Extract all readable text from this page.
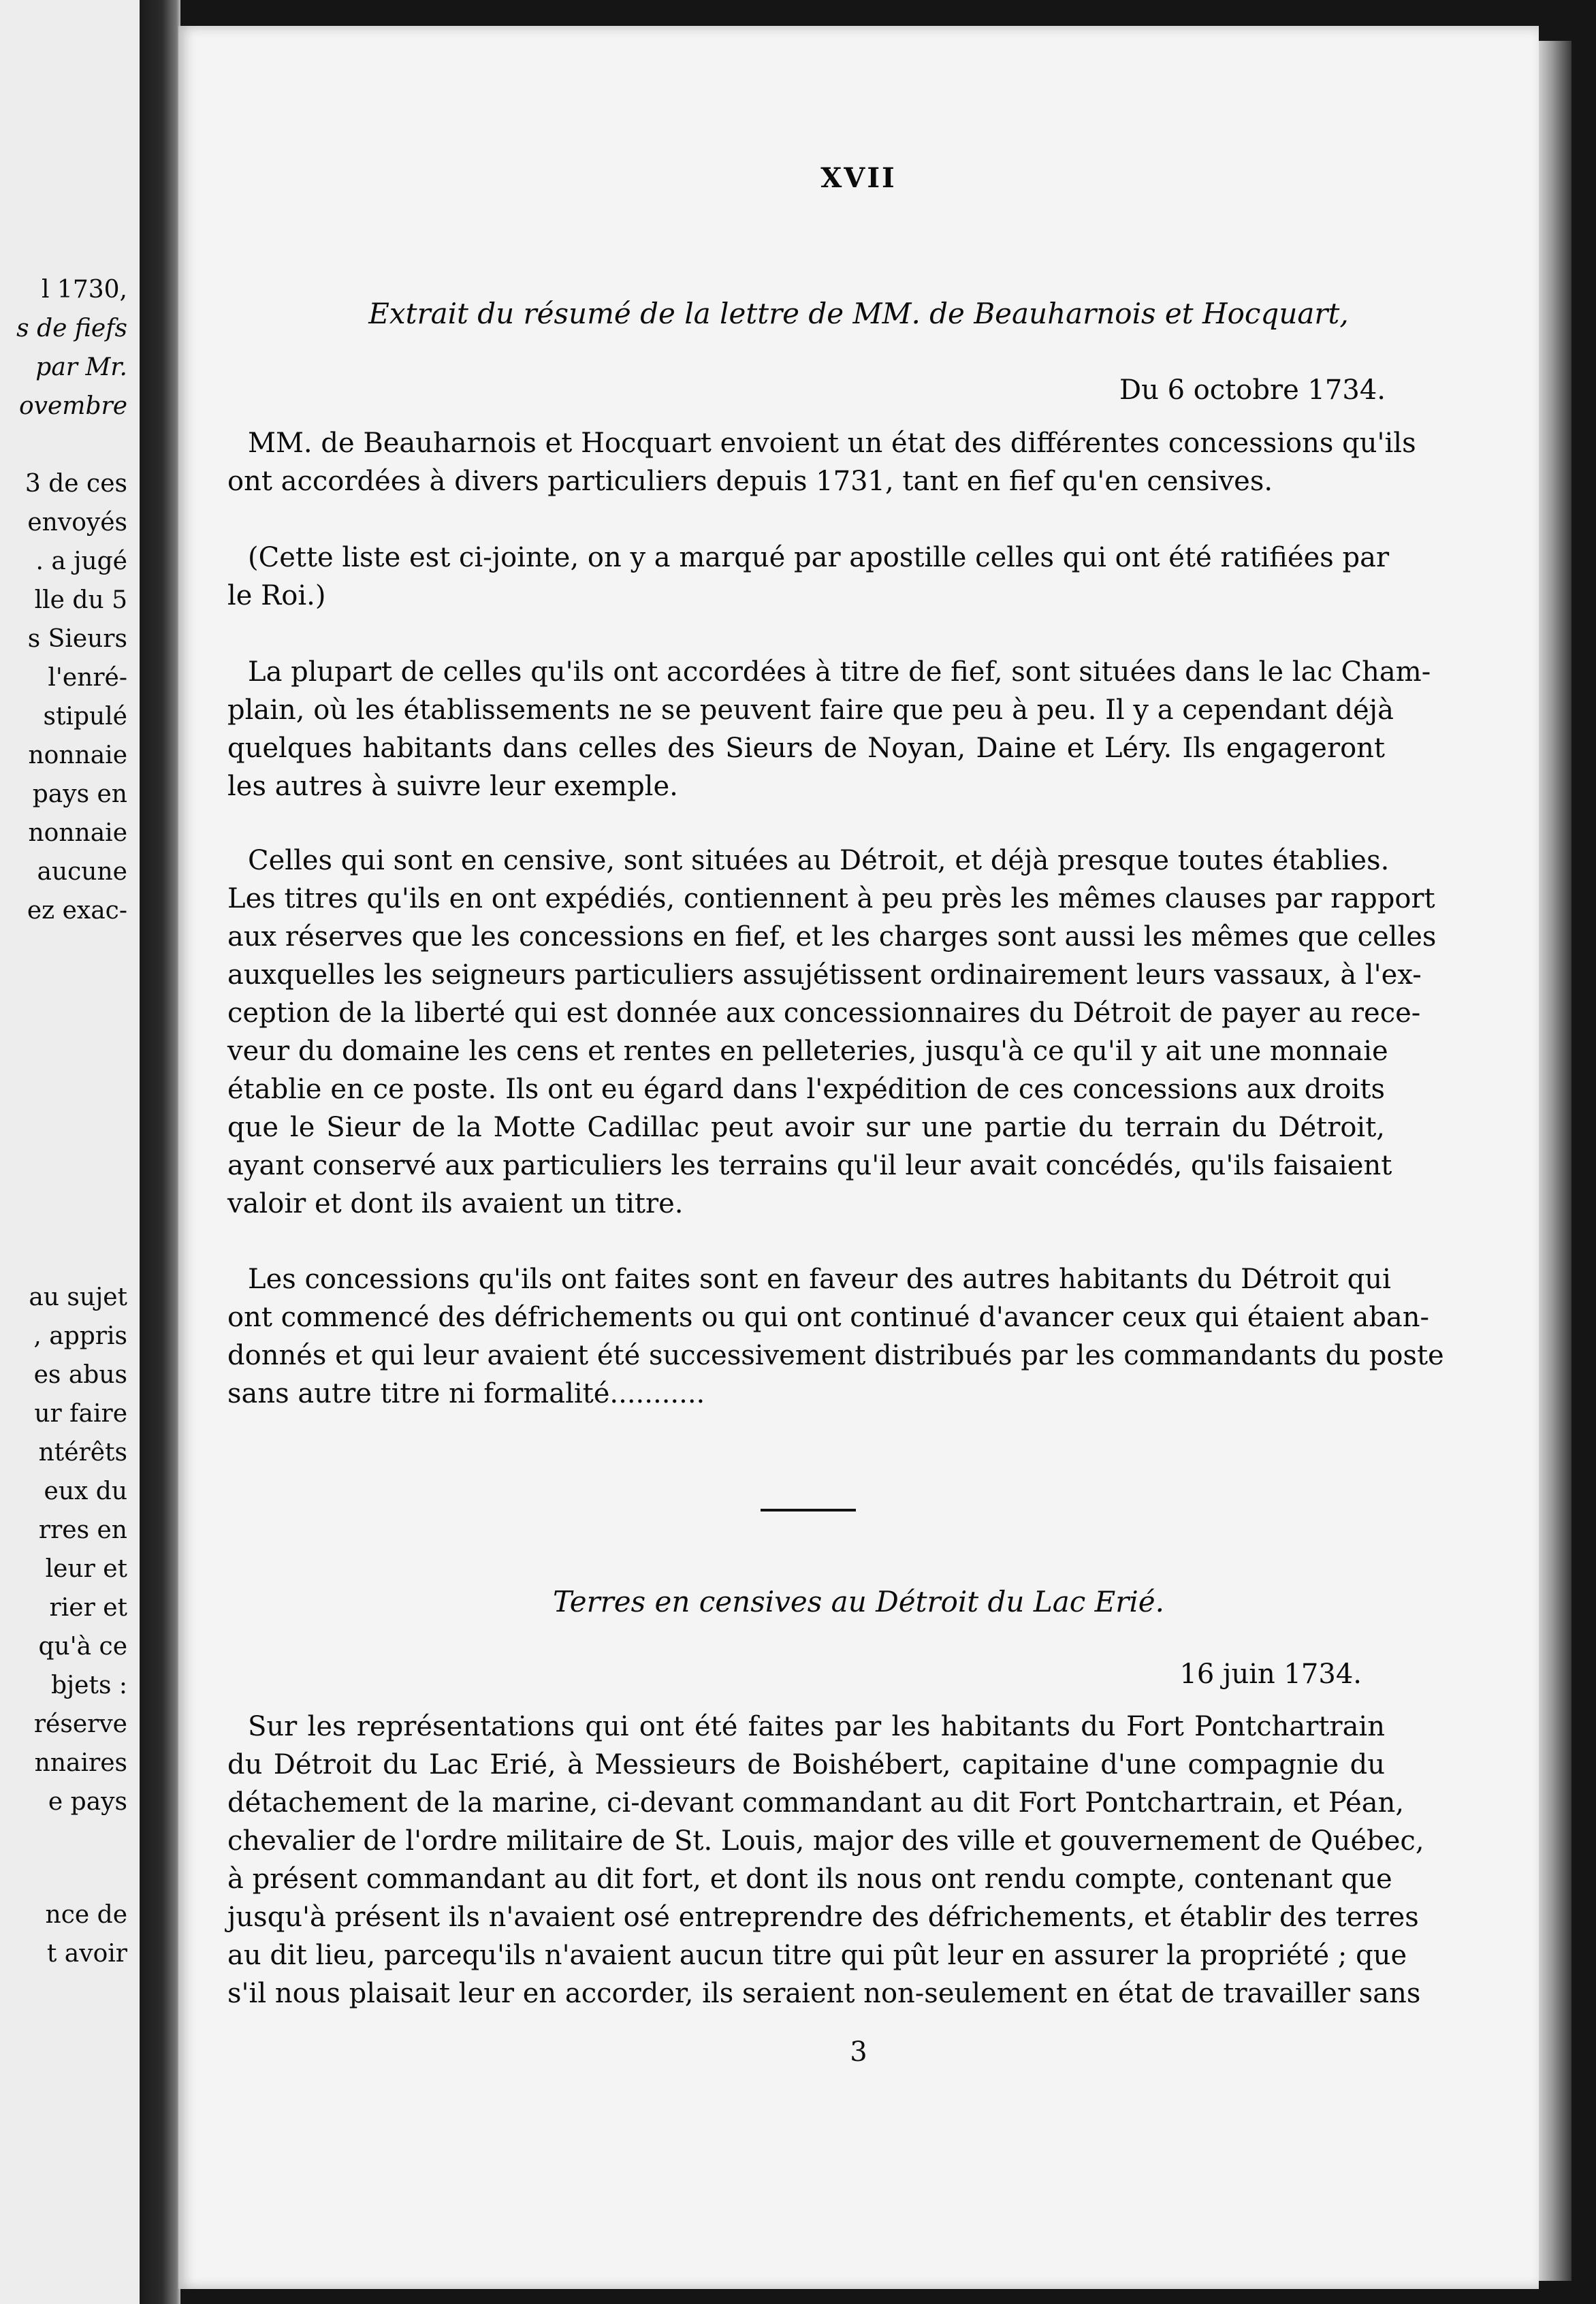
l 1730,
s de fiefs
par Mr.
ovembre
3 de ces
envoyés
. a jugé
lle du 5
s Sieurs
l'enré-
stipulé
nonnaie
pays en
nonnaie
aucune
ez exac-
au sujet
, appris
es abus
ur faire
ntérêts
eux du
rres en
leur et
rier et
qu'à ce
bjets :
réserve
nnaires
e pays
nce de
t avoir
XVII
Extrait du résumé de la lettre de MM. de Beauharnois et Hocquart,
Du 6 octobre 1734.
MM. de Beauharnois et Hocquart envoient un état des différentes concessions qu'ils
ont accordées à divers particuliers depuis 1731, tant en fief qu'en censives.
(Cette liste est ci-jointe, on y a marqué par apostille celles qui ont été ratifiées par
le Roi.)
La plupart de celles qu'ils ont accordées à titre de fief, sont situées dans le lac Cham-
plain, où les établissements ne se peuvent faire que peu à peu. Il y a cependant déjà
quelques habitants dans celles des Sieurs de Noyan, Daine et Léry. Ils engageront
les autres à suivre leur exemple.
Celles qui sont en censive, sont situées au Détroit, et déjà presque toutes établies.
Les titres qu'ils en ont expédiés, contiennent à peu près les mêmes clauses par rapport
aux réserves que les concessions en fief, et les charges sont aussi les mêmes que celles
auxquelles les seigneurs particuliers assujétissent ordinairement leurs vassaux, à l'ex-
ception de la liberté qui est donnée aux concessionnaires du Détroit de payer au rece-
veur du domaine les cens et rentes en pelleteries, jusqu'à ce qu'il y ait une monnaie
établie en ce poste. Ils ont eu égard dans l'expédition de ces concessions aux droits
que le Sieur de la Motte Cadillac peut avoir sur une partie du terrain du Détroit,
ayant conservé aux particuliers les terrains qu'il leur avait concédés, qu'ils faisaient
valoir et dont ils avaient un titre.
Les concessions qu'ils ont faites sont en faveur des autres habitants du Détroit qui
ont commencé des défrichements ou qui ont continué d'avancer ceux qui étaient aban-
donnés et qui leur avaient été successivement distribués par les commandants du poste
sans autre titre ni formalité...........
Terres en censives au Détroit du Lac Erié.
16 juin 1734.
Sur les représentations qui ont été faites par les habitants du Fort Pontchartrain
du Détroit du Lac Erié, à Messieurs de Boishébert, capitaine d'une compagnie du
détachement de la marine, ci-devant commandant au dit Fort Pontchartrain, et Péan,
chevalier de l'ordre militaire de St. Louis, major des ville et gouvernement de Québec,
à présent commandant au dit fort, et dont ils nous ont rendu compte, contenant que
jusqu'à présent ils n'avaient osé entreprendre des défrichements, et établir des terres
au dit lieu, parcequ'ils n'avaient aucun titre qui pût leur en assurer la propriété ; que
s'il nous plaisait leur en accorder, ils seraient non-seulement en état de travailler sans
3
